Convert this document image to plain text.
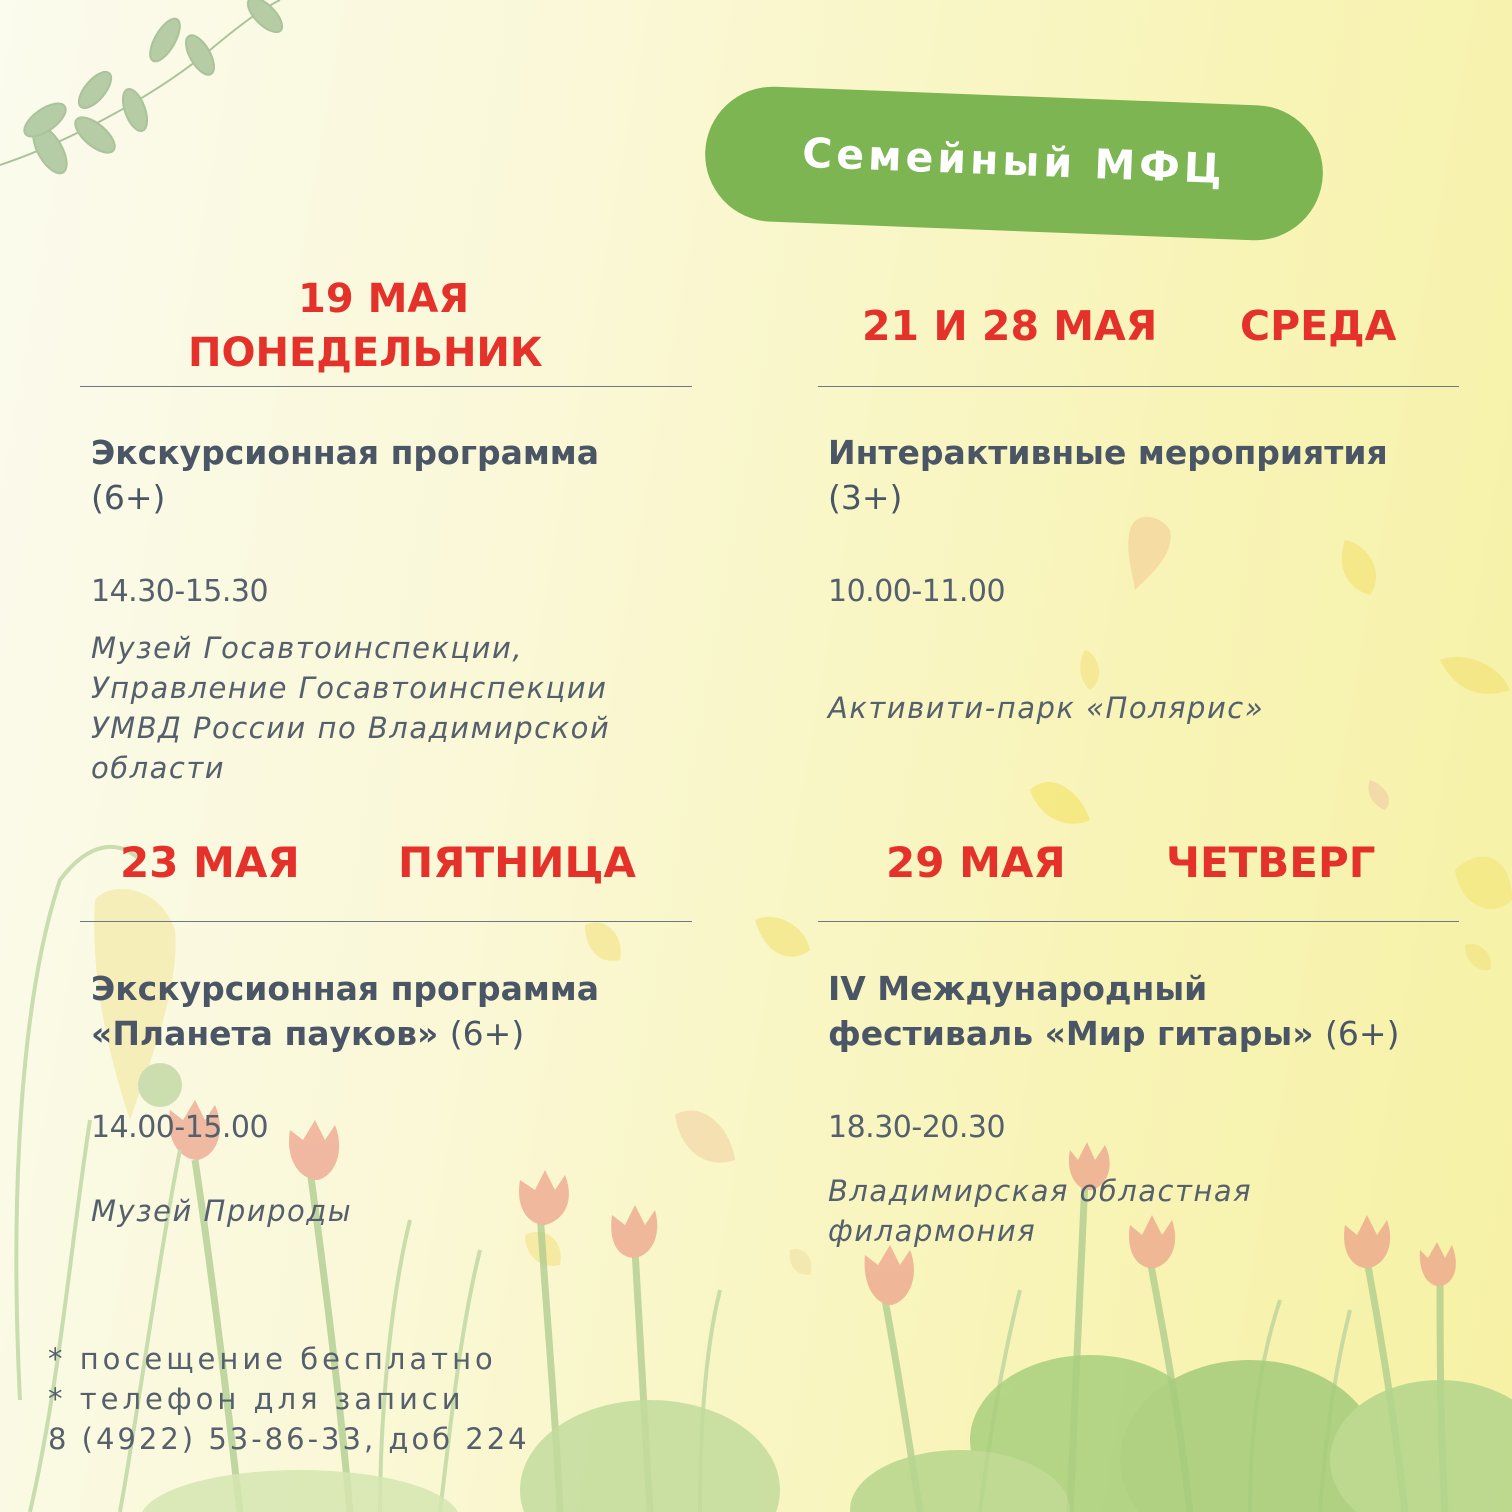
Семейный МФЦ
19 МАЯ
ПОНЕДЕЛЬНИК
Экскурсионная программа
(6+)
14.30-15.30
Музей Госавтоинспекции,
Управление Госавтоинспекции
УМВД России по Владимирской
области
21 И 28 МАЯ СРЕДА
Интерактивные мероприятия
(3+)
10.00-11.00
Активити-парк «Полярис»
23 МАЯ ПЯТНИЦА
Экскурсионная программа
«Планета пауков» (6+)
14.00-15.00
Музей Природы
29 МАЯ ЧЕТВЕРГ
IV Международный
фестиваль «Мир гитары» (6+)
18.30-20.30
Владимирская областная
филармония
* посещение бесплатно
* телефон для записи
8 (4922) 53-86-33, доб 224
